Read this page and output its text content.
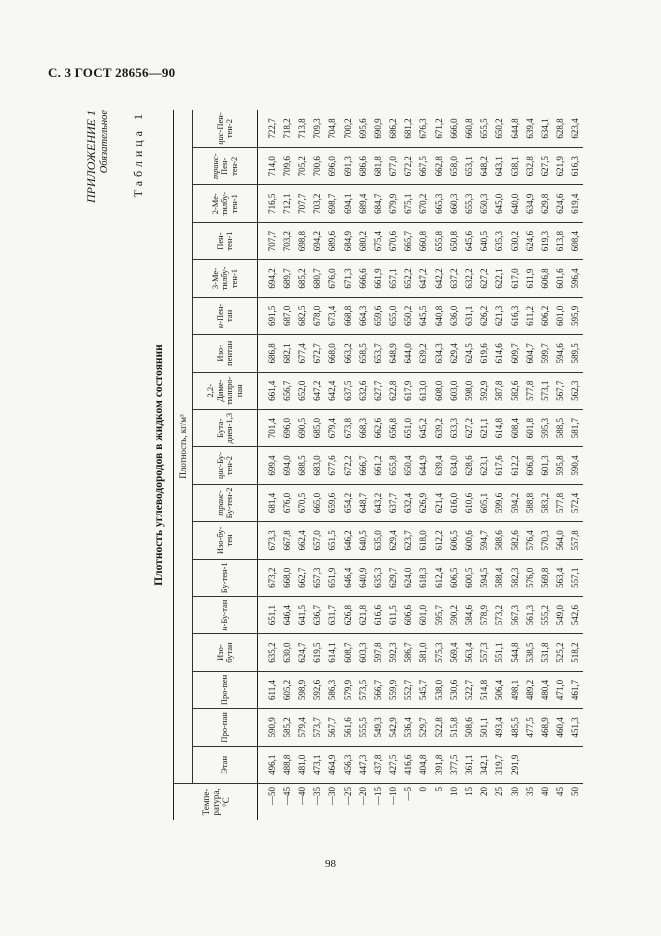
С. 3 ГОСТ 28656—90
ПРИЛОЖЕНИЕ 1 Обязательное Таблица 1
Плотность углеводородов в жидком состоянии
Темпе-ратура, °С	Плотность, кг/м³																	
	Этан	Про-пан	Про-пен	Изо-бутан	н-Бу-тан	Бу-тен-1	Изо-бу-тен	транс-Бу-тен-2	цис-Бу-тен-2	Бута-диен-1,3	2,2-Диме-тилпро-пан	Изо-пентан	н-Пен-тан	3-Ме-тилбу-тен-1	Пен-тен-1	2-Ме-тилбу-тен-1	транс-Пен-тен-2	цис-Пен-тен-2
—50	496,1	590,9	611,4	635,2	651,1	673,2	673,3	681,4	699,4	701,4	661,4	686,8	691,5	694,2	707,7	716,5	714,0	722,7
—45	488,8	585,2	605,2	630,0	646,4	668,0	667,8	676,0	694,0	696,0	656,7	682,1	687,0	689,7	703,2	712,1	709,6	718,2
—40	481,0	579,4	598,9	624,7	641,5	662,7	662,4	670,5	688,5	690,5	652,0	677,4	682,5	685,2	698,8	707,7	705,2	713,8
—35	473,1	573,7	592,6	619,5	636,7	657,3	657,0	665,0	683,0	685,0	647,2	672,7	678,0	680,7	694,2	703,2	700,6	709,3
—30	464,9	567,7	586,3	614,1	631,7	651,9	651,5	659,6	677,6	679,4	642,4	668,0	673,4	676,0	689,6	698,7	696,0	704,8
—25	456,3	561,6	579,9	608,7	626,8	646,4	646,2	654,2	672,2	673,8	637,5	663,2	668,8	671,3	684,9	694,1	691,3	700,2
—20	447,3	555,5	573,5	603,3	621,8	640,9	640,5	648,7	666,7	668,3	632,6	658,5	664,3	666,6	680,2	689,4	686,6	695,6
—15	437,8	549,3	566,7	597,8	616,6	635,3	635,0	643,2	661,2	662,6	627,7	653,7	659,6	661,9	675,4	684,7	681,8	690,9
—10	427,5	542,9	559,9	592,3	611,5	629,7	629,4	637,7	655,8	656,8	622,8	648,9	655,0	657,1	670,6	679,9	677,0	686,2
—5	416,6	536,4	552,7	586,7	606,6	624,0	623,7	632,4	650,4	651,0	617,9	644,0	650,2	652,2	665,7	675,1	672,2	681,2
0	404,8	529,7	545,7	581,0	601,0	618,3	618,0	626,9	644,9	645,2	613,0	639,2	645,5	647,2	660,8	670,2	667,5	676,3
5	391,8	522,8	538,0	575,3	595,7	612,4	612,2	621,4	639,4	639,2	608,0	634,3	640,8	642,2	655,8	665,3	662,8	671,2
10	377,5	515,8	530,6	569,4	590,2	606,5	606,5	616,0	634,0	633,3	603,0	629,4	636,0	637,2	650,8	660,3	658,0	666,0
15	361,1	508,6	522,7	563,4	584,6	600,5	600,6	610,6	628,6	627,2	598,0	624,5	631,1	632,2	645,6	655,3	653,1	660,8
20	342,1	501,1	514,8	557,3	578,9	594,5	594,7	605,1	623,1	621,1	592,9	619,6	626,2	627,2	640,5	650,3	648,2	655,5
25	319,7	493,4	506,4	551,1	573,2	588,4	588,6	599,6	617,6	614,8	587,8	614,6	621,3	622,1	635,3	645,0	643,1	650,2
30	291,9	485,5	498,1	544,8	567,3	582,3	582,6	594,2	612,2	608,4	582,6	609,7	616,3	617,0	630,2	640,0	638,1	644,8
35		477,5	489,2	538,5	561,3	576,0	576,4	588,8	606,8	601,8	577,8	604,7	611,2	611,9	624,6	634,9	632,8	639,4
40		468,9	480,4	531,8	555,2	569,8	570,3	583,2	601,3	595,3	573,1	599,7	606,2	606,8	619,3	629,8	627,5	634,1
45		460,4	471,0	525,2	549,0	563,4	564,0	577,8	595,8	588,5	567,7	594,6	601,0	601,6	613,8	624,6	621,9	628,8
50		451,3	461,7	518,2	542,6	557,1	557,8	572,4	590,4	581,7	562,3	589,5	595,9	596,4	608,4	619,4	616,3	623,4
98
